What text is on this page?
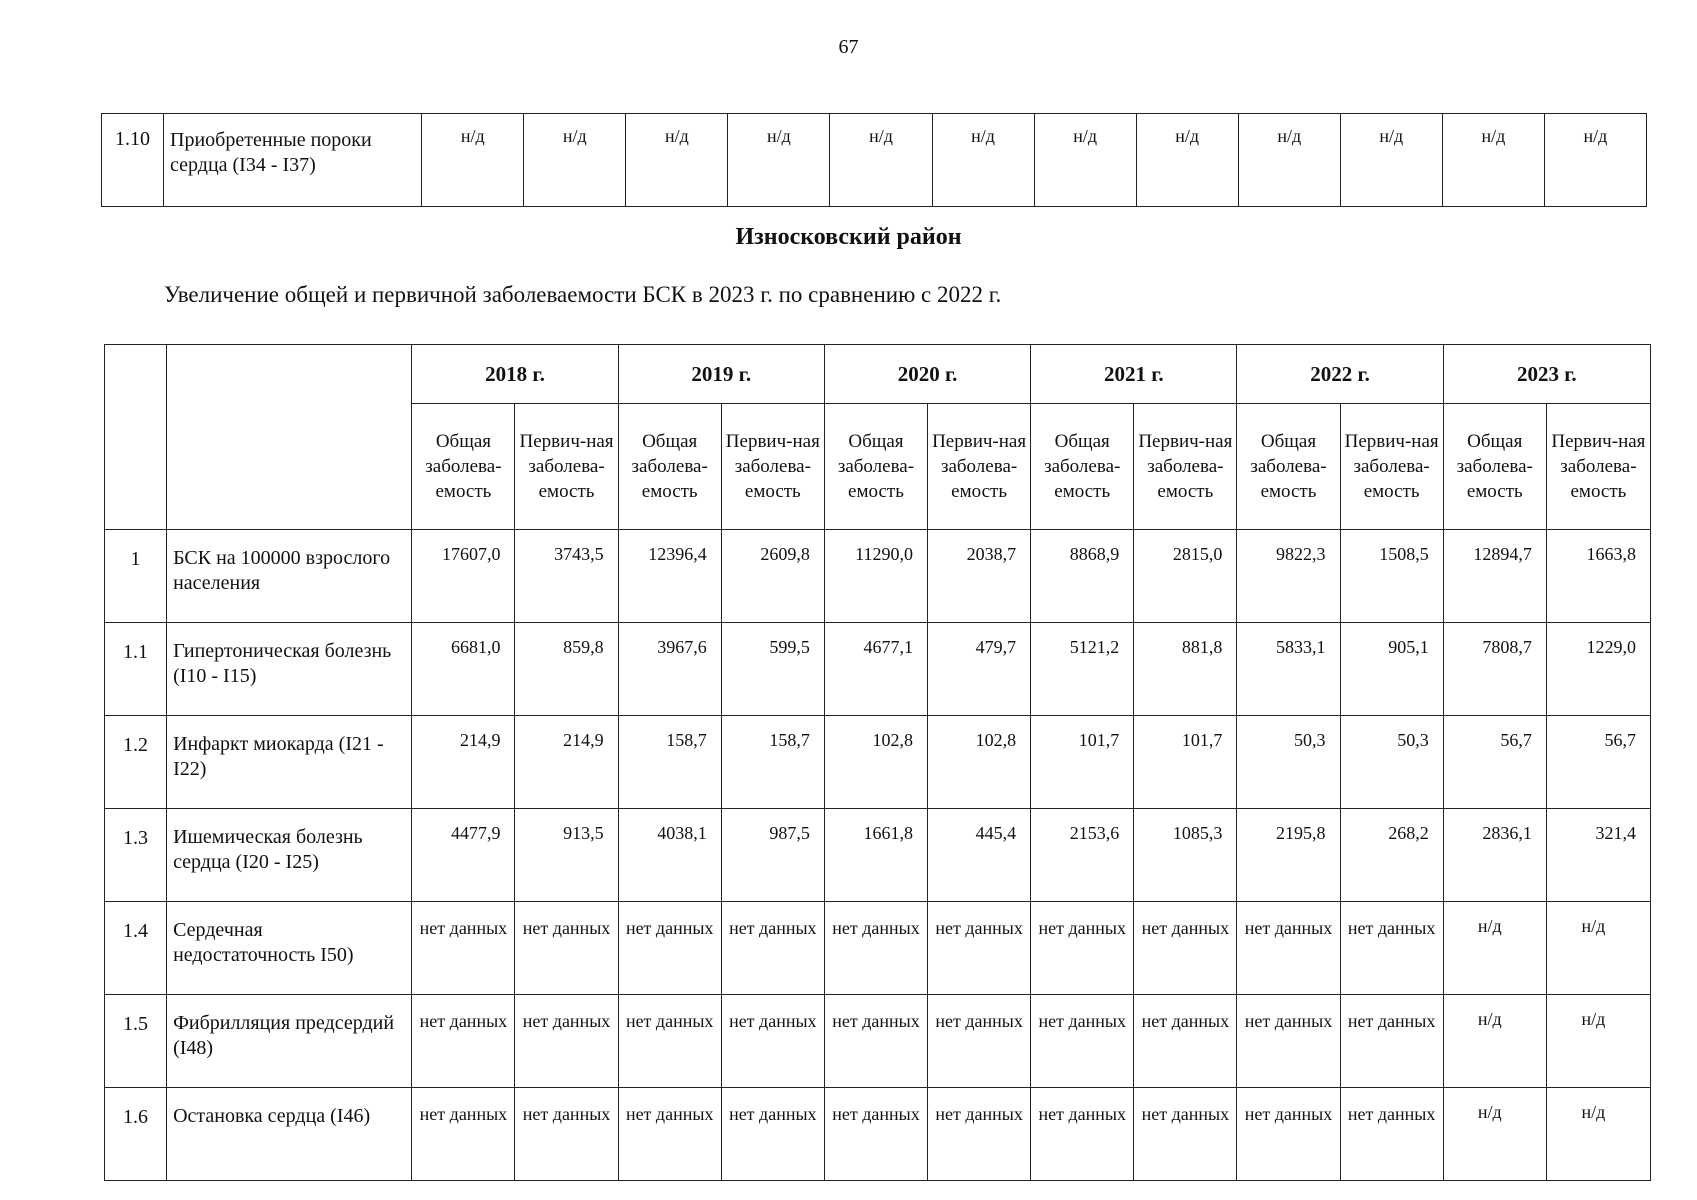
67
1.10	Приобретенные пороки сердца (I34 - I37)	н/д	н/д	н/д	н/д	н/д	н/д	н/д	н/д	н/д	н/д	н/д	н/д
Износковский район
Увеличение общей и первичной заболеваемости БСК в 2023 г. по сравнению с 2022 г.
		2018 г.		2019 г.		2020 г.		2021 г.		2022 г.		2023 г.	
		Общая заболева-емость	Первич-ная заболева-емость	Общая заболева-емость	Первич-ная заболева-емость	Общая заболева-емость	Первич-ная заболева-емость	Общая заболева-емость	Первич-ная заболева-емость	Общая заболева-емость	Первич-ная заболева-емость	Общая заболева-емость	Первич-ная заболева-емость
1	БСК на 100000 взрослого населения	17607,0	3743,5	12396,4	2609,8	11290,0	2038,7	8868,9	2815,0	9822,3	1508,5	12894,7	1663,8
1.1	Гипертоническая болезнь (I10 - I15)	6681,0	859,8	3967,6	599,5	4677,1	479,7	5121,2	881,8	5833,1	905,1	7808,7	1229,0
1.2	Инфаркт миокарда (I21 - I22)	214,9	214,9	158,7	158,7	102,8	102,8	101,7	101,7	50,3	50,3	56,7	56,7
1.3	Ишемическая болезнь сердца (I20 - I25)	4477,9	913,5	4038,1	987,5	1661,8	445,4	2153,6	1085,3	2195,8	268,2	2836,1	321,4
1.4	Сердечная недостаточность I50)	нет данных	нет данных	нет данных	нет данных	нет данных	нет данных	нет данных	нет данных	нет данных	нет данных	н/д	н/д
1.5	Фибрилляция предсердий (I48)	нет данных	нет данных	нет данных	нет данных	нет данных	нет данных	нет данных	нет данных	нет данных	нет данных	н/д	н/д
1.6	Остановка сердца (I46)	нет данных	нет данных	нет данных	нет данных	нет данных	нет данных	нет данных	нет данных	нет данных	нет данных	н/д	н/д
